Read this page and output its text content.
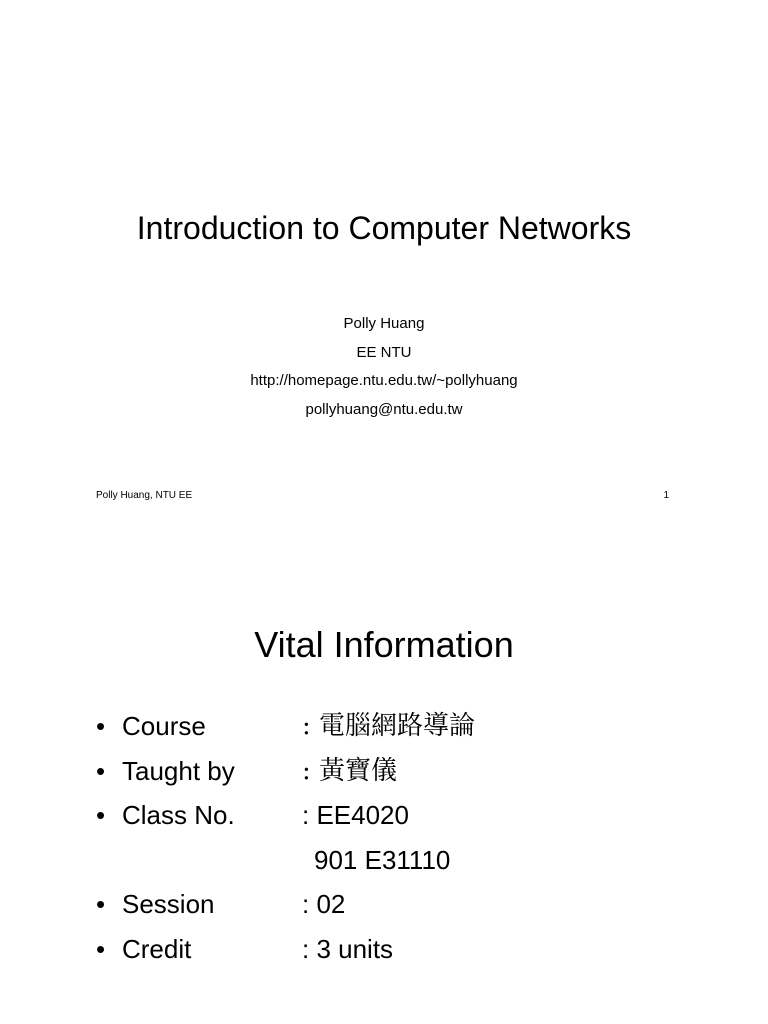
Introduction to Computer Networks
Polly Huang
EE NTU
http://homepage.ntu.edu.tw/~pollyhuang
pollyhuang@ntu.edu.tw
Polly Huang, NTU EE	1
Vital Information
• Course	: 電腦網路導論
• Taught by	: 黃寶儀
• Class No.	: EE4020
901 E31110
• Session	: 02
• Credit	: 3 units
